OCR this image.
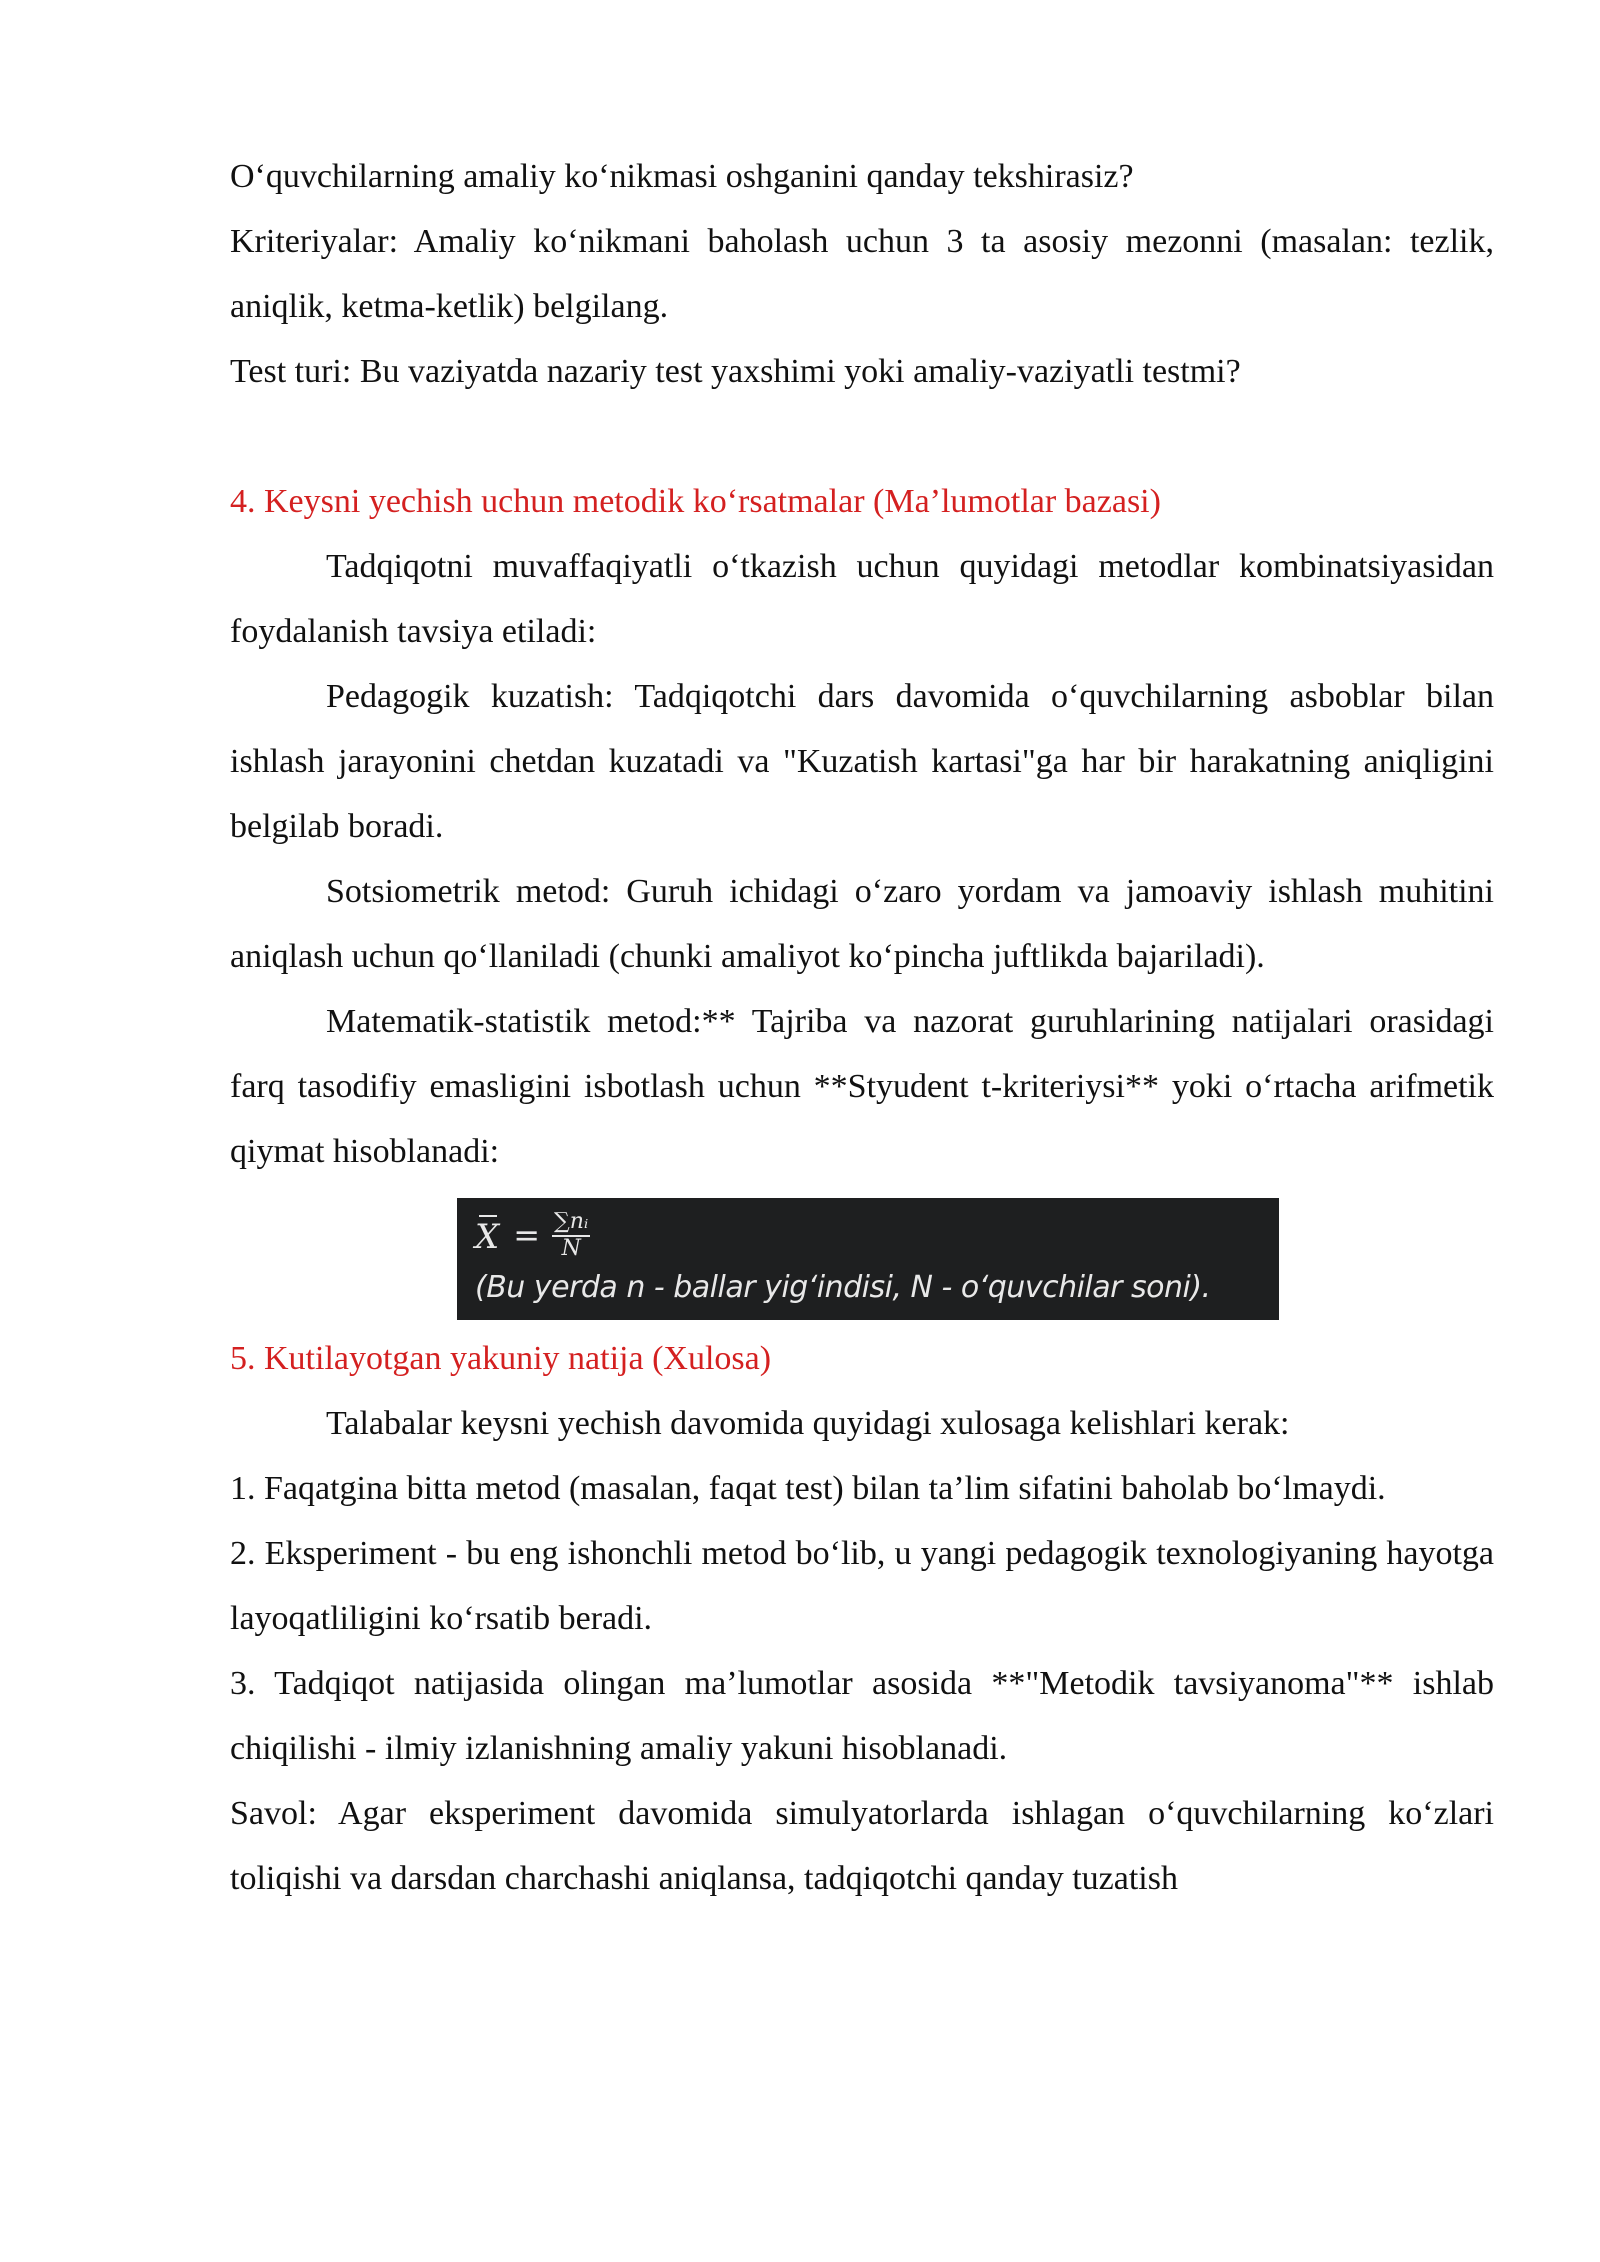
O‘quvchilarning amaliy ko‘nikmasi oshganini qanday tekshirasiz?

Kriteriyalar: Amaliy ko‘nikmani baholash uchun 3 ta asosiy mezonni (masalan: tezlik, aniqlik, ketma-ketlik) belgilang.

Test turi: Bu vaziyatda nazariy test yaxshimi yoki amaliy-vaziyatli testmi?

4. Keysni yechish uchun metodik ko‘rsatmalar (Ma’lumotlar bazasi)

Tadqiqotni muvaffaqiyatli o‘tkazish uchun quyidagi metodlar kombinatsiyasidan foydalanish tavsiya etiladi:

Pedagogik kuzatish: Tadqiqotchi dars davomida o‘quvchilarning asboblar bilan ishlash jarayonini chetdan kuzatadi va "Kuzatish kartasi"ga har bir harakatning aniqligini belgilab boradi.

Sotsiometrik metod: Guruh ichidagi o‘zaro yordam va jamoaviy ishlash muhitini aniqlash uchun qo‘llaniladi (chunki amaliyot ko‘pincha juftlikda bajariladi).

Matematik-statistik metod:** Tajriba va nazorat guruhlarining natijalari orasidagi farq tasodifiy emasligini isbotlash uchun **Styudent t-kriteriysi** yoki o‘rtacha arifmetik qiymat hisoblanadi:

$X = \frac{\text{∑nᵢ}}{N}$
(Bu yerda n - ballar yig‘indisi, N - o‘quvchilar soni).

5. Kutilayotgan yakuniy natija (Xulosa)

Talabalar keysni yechish davomida quyidagi xulosaga kelishlari kerak:

1. Faqatgina bitta metod (masalan, faqat test) bilan ta’lim sifatini baholab bo‘lmaydi.

2. Eksperiment - bu eng ishonchli metod bo‘lib, u yangi pedagogik texnologiyaning hayotga layoqatliligini ko‘rsatib beradi.

3. Tadqiqot natijasida olingan ma’lumotlar asosida **"Metodik tavsiyanoma"** ishlab chiqilishi - ilmiy izlanishning amaliy yakuni hisoblanadi.

Savol: Agar eksperiment davomida simulyatorlarda ishlagan o‘quvchilarning ko‘zlari toliqishi va darsdan charchashi aniqlansa, tadqiqotchi qanday tuzatish
